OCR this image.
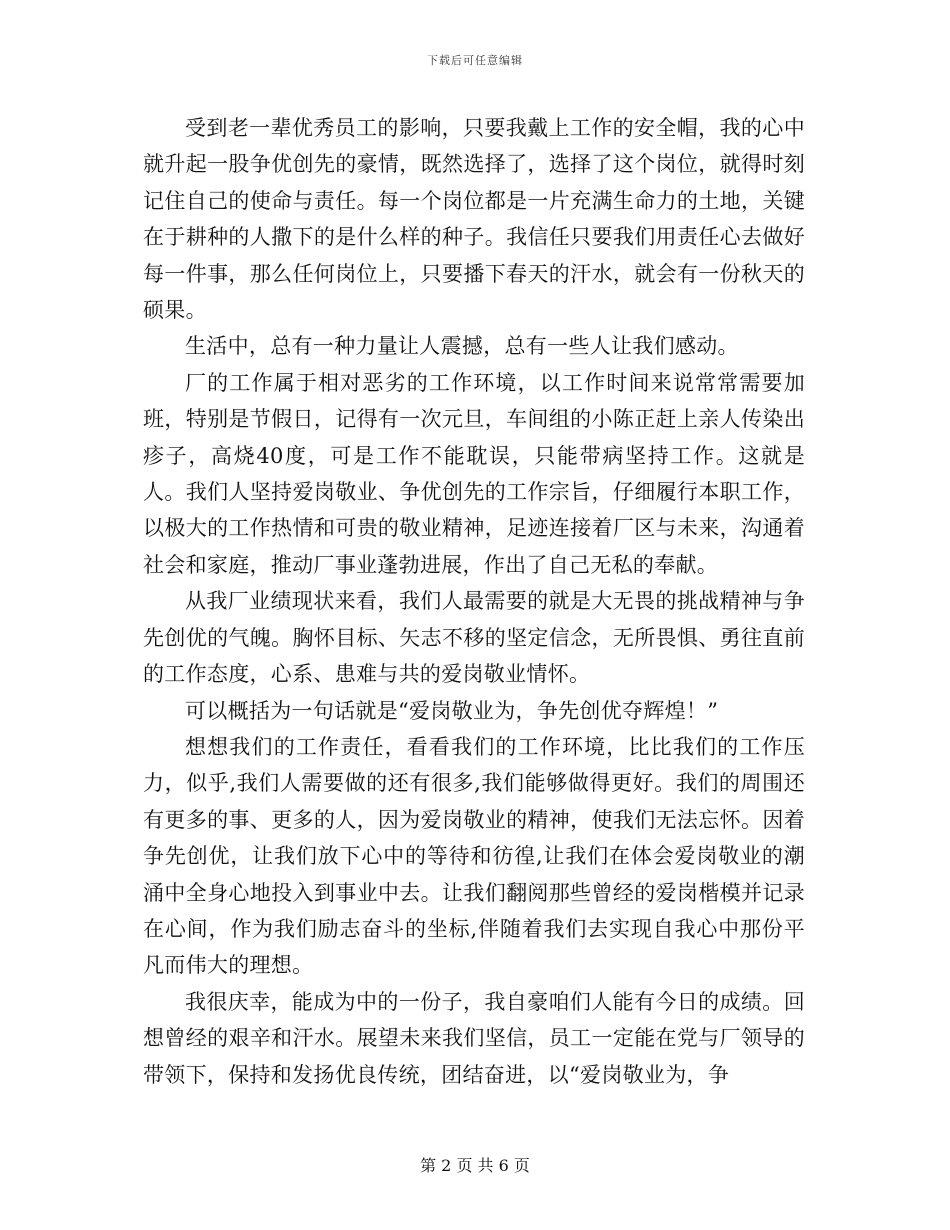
下载后可任意编辑

受到老一辈优秀员工的影响，只要我戴上工作的安全帽，我的心中就升起一股争优创先的豪情，既然选择了，选择了这个岗位，就得时刻记住自己的使命与责任。每一个岗位都是一片充满生命力的土地，关键在于耕种的人撒下的是什么样的种子。我信任只要我们用责任心去做好每一件事，那么任何岗位上，只要播下春天的汗水，就会有一份秋天的硕果。

生活中，总有一种力量让人震撼，总有一些人让我们感动。

厂的工作属于相对恶劣的工作环境，以工作时间来说常常需要加班，特别是节假日，记得有一次元旦，车间组的小陈正赶上亲人传染出疹子，高烧40度，可是工作不能耽误，只能带病坚持工作。这就是人。我们人坚持爱岗敬业、争优创先的工作宗旨，仔细履行本职工作，以极大的工作热情和可贵的敬业精神，足迹连接着厂区与未来，沟通着社会和家庭，推动厂事业蓬勃进展，作出了自己无私的奉献。

从我厂业绩现状来看，我们人最需要的就是大无畏的挑战精神与争先创优的气魄。胸怀目标、矢志不移的坚定信念，无所畏惧、勇往直前的工作态度，心系、患难与共的爱岗敬业情怀。

可以概括为一句话就是“爱岗敬业为，争先创优夺辉煌！”

想想我们的工作责任，看看我们的工作环境，比比我们的工作压力，似乎,我们人需要做的还有很多,我们能够做得更好。我们的周围还有更多的事、更多的人，因为爱岗敬业的精神，使我们无法忘怀。因着争先创优，让我们放下心中的等待和彷徨,让我们在体会爱岗敬业的潮涌中全身心地投入到事业中去。让我们翻阅那些曾经的爱岗楷模并记录在心间，作为我们励志奋斗的坐标,伴随着我们去实现自我心中那份平凡而伟大的理想。

我很庆幸，能成为中的一份子，我自豪咱们人能有今日的成绩。回想曾经的艰辛和汗水。展望未来我们坚信，员工一定能在党与厂领导的带领下，保持和发扬优良传统，团结奋进，以“爱岗敬业为，争

第 2 页 共 6 页
